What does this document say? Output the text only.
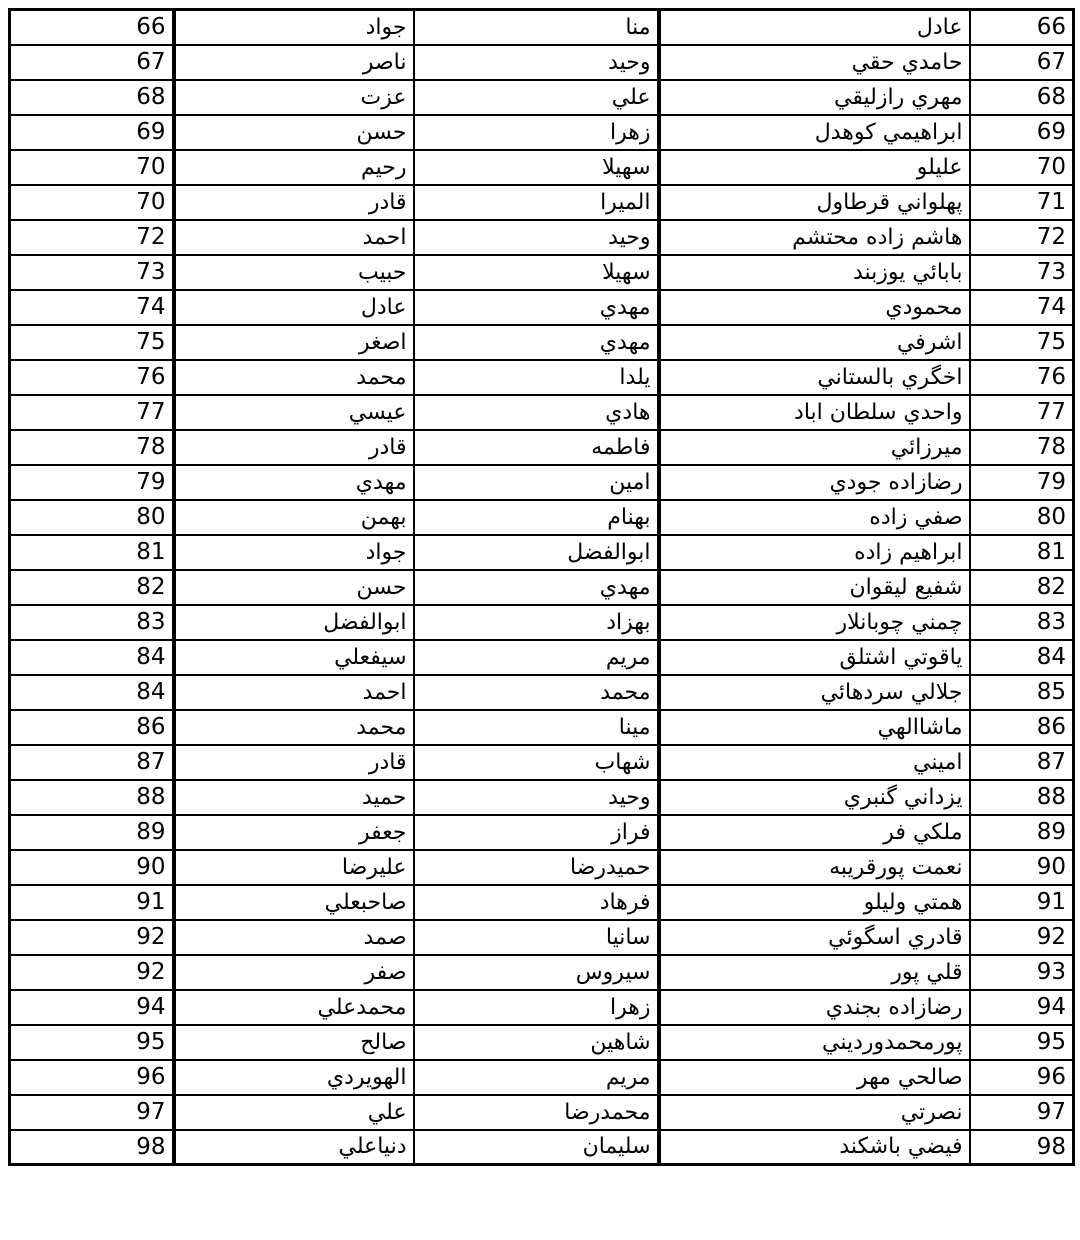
66	جواد	منا	عادل	66
67	ناصر	وحيد	حامدي حقي	67
68	عزت	علي	مهري رازليقي	68
69	حسن	زهرا	ابراهيمي كوهدل	69
70	رحيم	سهيلا	عليلو	70
70	قادر	الميرا	پهلواني قرطاول	71
72	احمد	وحيد	هاشم زاده محتشم	72
73	حبيب	سهيلا	بابائي يوزبند	73
74	عادل	مهدي	محمودي	74
75	اصغر	مهدي	اشرفي	75
76	محمد	يلدا	اخگري بالستاني	76
77	عيسي	هادي	واحدي سلطان اباد	77
78	قادر	فاطمه	ميرزائي	78
79	مهدي	امين	رضازاده جودي	79
80	بهمن	بهنام	صفي زاده	80
81	جواد	ابوالفضل	ابراهيم زاده	81
82	حسن	مهدي	شفيع ليقوان	82
83	ابوالفضل	بهزاد	چمني چوبانلار	83
84	سيفعلي	مريم	ياقوتي اشتلق	84
84	احمد	محمد	جلالي سردهائي	85
86	محمد	مينا	ماشاالهي	86
87	قادر	شهاب	اميني	87
88	حميد	وحيد	يزداني گنبري	88
89	جعفر	فراز	ملكي فر	89
90	عليرضا	حميدرضا	نعمت پورقريبه	90
91	صاحبعلي	فرهاد	همتي وليلو	91
92	صمد	سانيا	قادري اسگوئي	92
92	صفر	سيروس	قلي پور	93
94	محمدعلي	زهرا	رضازاده بجندي	94
95	صالح	شاهين	پورمحمدورديني	95
96	الهويردي	مريم	صالحي مهر	96
97	علي	محمدرضا	نصرتي	97
98	دنياعلي	سليمان	فيضي باشكند	98
